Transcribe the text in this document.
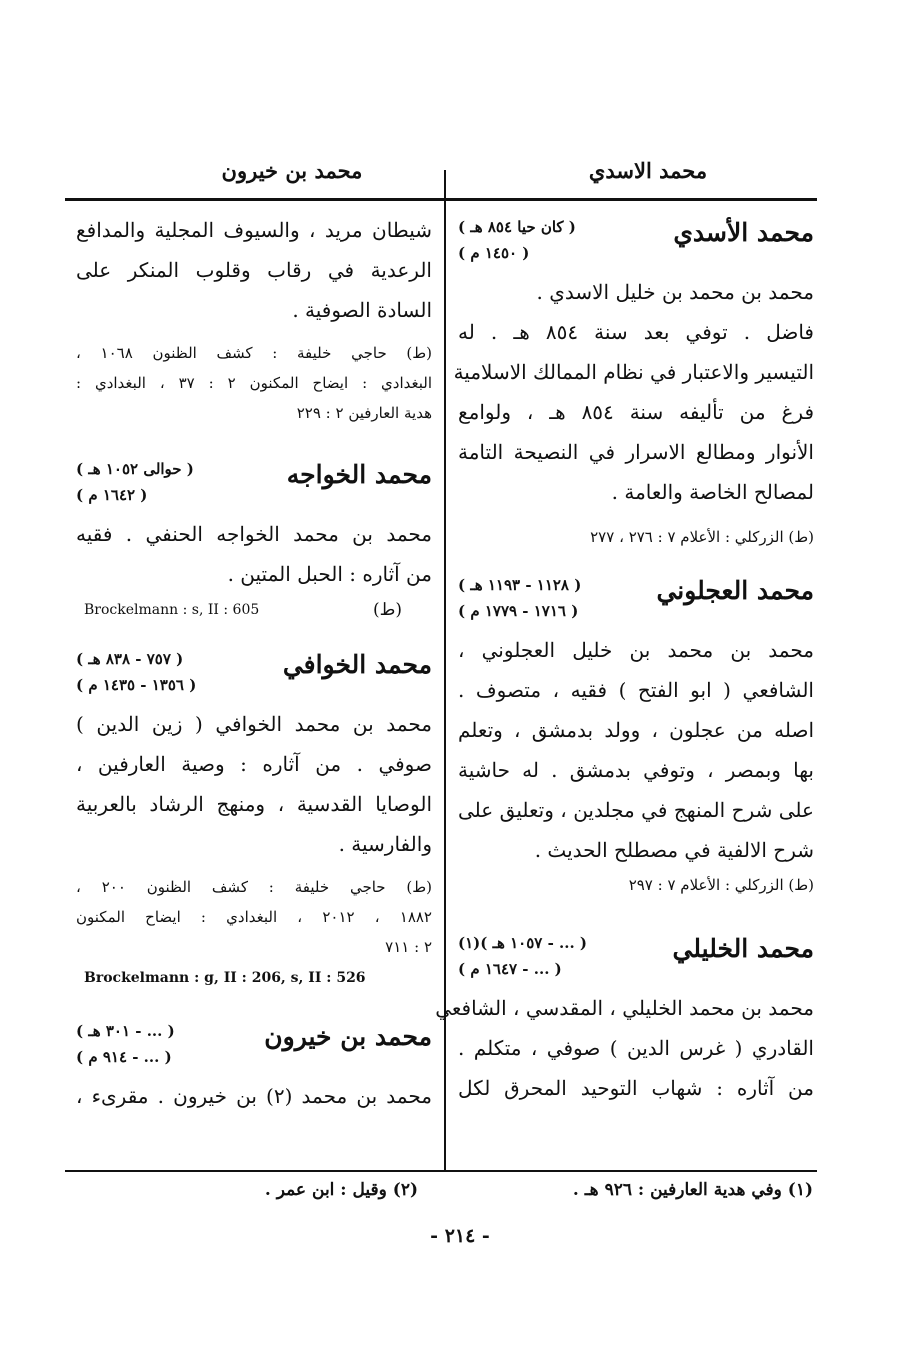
محمد الاسدي
محمد بن خيرون
محمد الأسدي
( كان حيا ٨٥٤ هـ )
( ١٤٥٠ م )
محمد بن محمد بن خليل الاسدي .
فاضل . توفي بعد سنة ٨٥٤ هـ . له
التيسير والاعتبار في نظام الممالك الاسلامية
فرغ من تأليفه سنة ٨٥٤ هـ ، ولوامع
الأنوار ومطالع الاسرار في النصيحة التامة
لمصالح الخاصة والعامة .
(ط) الزركلي : الأعلام ٧ : ٢٧٦ ، ٢٧٧
محمد العجلوني
( ١١٢٨ - ١١٩٣ هـ )
( ١٧١٦ - ١٧٧٩ م )
محمد بن محمد بن خليل العجلوني ،
الشافعي ( ابو الفتح ) فقيه ، متصوف .
اصله من عجلون ، وولد بدمشق ، وتعلم
بها وبمصر ، وتوفي بدمشق . له حاشية
على شرح المنهج في مجلدين ، وتعليق على
شرح الالفية في مصطلح الحديث .
(ط) الزركلي : الأعلام ٧ : ٢٩٧
محمد الخليلي
( ... - ١٠٥٧ هـ )(١)
( ... - ١٦٤٧ م )
محمد بن محمد الخليلي ، المقدسي ، الشافعي
القادري ( غرس الدين ) صوفي ، متكلم .
من آثاره : شهاب التوحيد المحرق لكل
شيطان مريد ، والسيوف المجلية والمدافع
الرعدية في رقاب وقلوب المنكر على
السادة الصوفية .
(ط) حاجي خليفة : كشف الظنون ١٠٦٨ ،
البغدادي : ايضاح المكنون ٢ : ٣٧ ، البغدادي :
هدية العارفين ٢ : ٢٢٩
محمد الخواجه
( حوالى ١٠٥٢ هـ )
( ١٦٤٢ م )
محمد بن محمد الخواجه الحنفي . فقيه
من آثاره : الحبل المتين .
Brockelmann : s, II : 605	(ط)
محمد الخوافي
( ٧٥٧ - ٨٣٨ هـ )
( ١٣٥٦ - ١٤٣٥ م )
محمد بن محمد الخوافي ( زين الدين )
صوفي . من آثاره : وصية العارفين ،
الوصايا القدسية ، ومنهج الرشاد بالعربية
والفارسية .
(ط) حاجي خليفة : كشف الظنون ٢٠٠ ،
١٨٨٢ ، ٢٠١٢ ، البغدادي : ايضاح المكنون
٢ : ٧١١
Brockelmann : g, II : 206, s, II : 526
محمد بن خيرون
( ... - ٣٠١ هـ )
( ... - ٩١٤ م )
محمد بن محمد (٢) بن خيرون . مقرىء ،
(١) وفي هدية العارفين : ٩٢٦ هـ .
(٢) وقيل : ابن عمر .
- ٢١٤ -
